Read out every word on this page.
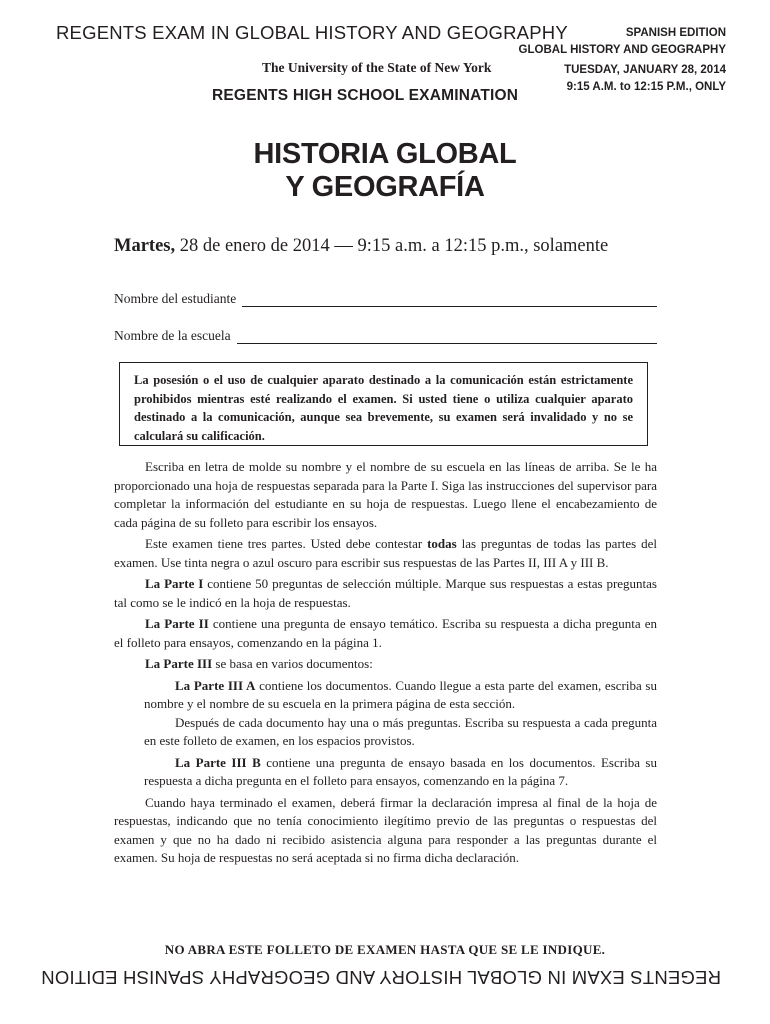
REGENTS EXAM IN GLOBAL HISTORY AND GEOGRAPHY	SPANISH EDITION
GLOBAL HISTORY AND GEOGRAPHY
TUESDAY, JANUARY 28, 2014
9:15 A.M. to 12:15 P.M., ONLY
The University of the State of New York
REGENTS HIGH SCHOOL EXAMINATION
HISTORIA GLOBAL
Y GEOGRAFÍA
Martes, 28 de enero de 2014 — 9:15 a.m. a 12:15 p.m., solamente
Nombre del estudiante
Nombre de la escuela

La posesión o el uso de cualquier aparato destinado a la comunicación están estrictamente prohibidos mientras esté realizando el examen. Si usted tiene o utiliza cualquier aparato destinado a la comunicación, aunque sea brevemente, su examen será invalidado y no se calculará su calificación.

Escriba en letra de molde su nombre y el nombre de su escuela en las líneas de arriba. Se le ha proporcionado una hoja de respuestas separada para la Parte I. Siga las instrucciones del supervisor para completar la información del estudiante en su hoja de respuestas. Luego llene el encabezamiento de cada página de su folleto para escribir los ensayos.

Este examen tiene tres partes. Usted debe contestar todas las preguntas de todas las partes del examen. Use tinta negra o azul oscuro para escribir sus respuestas de las Partes II, III A y III B.

La Parte I contiene 50 preguntas de selección múltiple. Marque sus respuestas a estas preguntas tal como se le indicó en la hoja de respuestas.

La Parte II contiene una pregunta de ensayo temático. Escriba su respuesta a dicha pregunta en el folleto para ensayos, comenzando en la página 1.

La Parte III se basa en varios documentos:

La Parte III A contiene los documentos. Cuando llegue a esta parte del examen, escriba su nombre y el nombre de su escuela en la primera página de esta sección.

Después de cada documento hay una o más preguntas. Escriba su respuesta a cada pregunta en este folleto de examen, en los espacios provistos.

La Parte III B contiene una pregunta de ensayo basada en los documentos. Escriba su respuesta a dicha pregunta en el folleto para ensayos, comenzando en la página 7.

Cuando haya terminado el examen, deberá firmar la declaración impresa al final de la hoja de respuestas, indicando que no tenía conocimiento ilegítimo previo de las preguntas o respuestas del examen y que no ha dado ni recibido asistencia alguna para responder a las preguntas durante el examen. Su hoja de respuestas no será aceptada si no firma dicha declaración.

NO ABRA ESTE FOLLETO DE EXAMEN HASTA QUE SE LE INDIQUE.
REGENTS EXAM IN GLOBAL HISTORY AND GEOGRAPHY SPANISH EDITION
